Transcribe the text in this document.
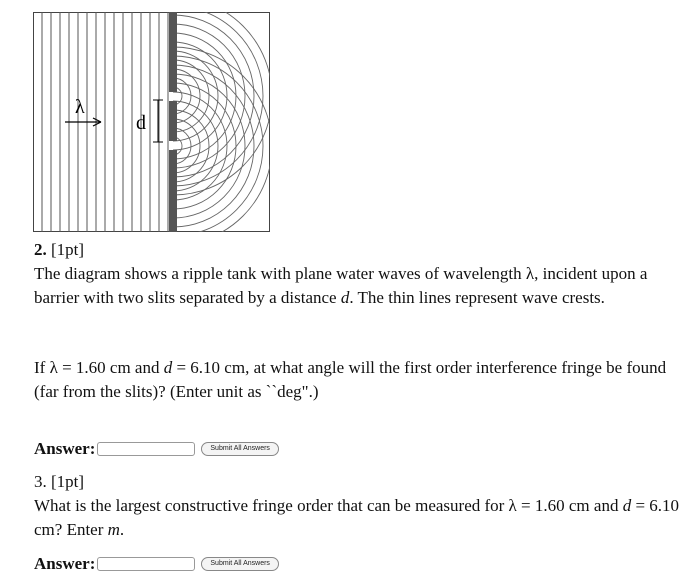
λ
d

2. [1pt]

The diagram shows a ripple tank with plane water waves of wavelength λ, incident upon a barrier with two slits separated by a distance d. The thin lines represent wave crests.

If λ = 1.60 cm and d = 6.10 cm, at what angle will the first order interference fringe be found (far from the slits)? (Enter unit as ``deg".)

Answer:	Submit All Answers

3. [1pt]

What is the largest constructive fringe order that can be measured for λ = 1.60 cm and d = 6.10 cm? Enter m.

Answer:	Submit All Answers
